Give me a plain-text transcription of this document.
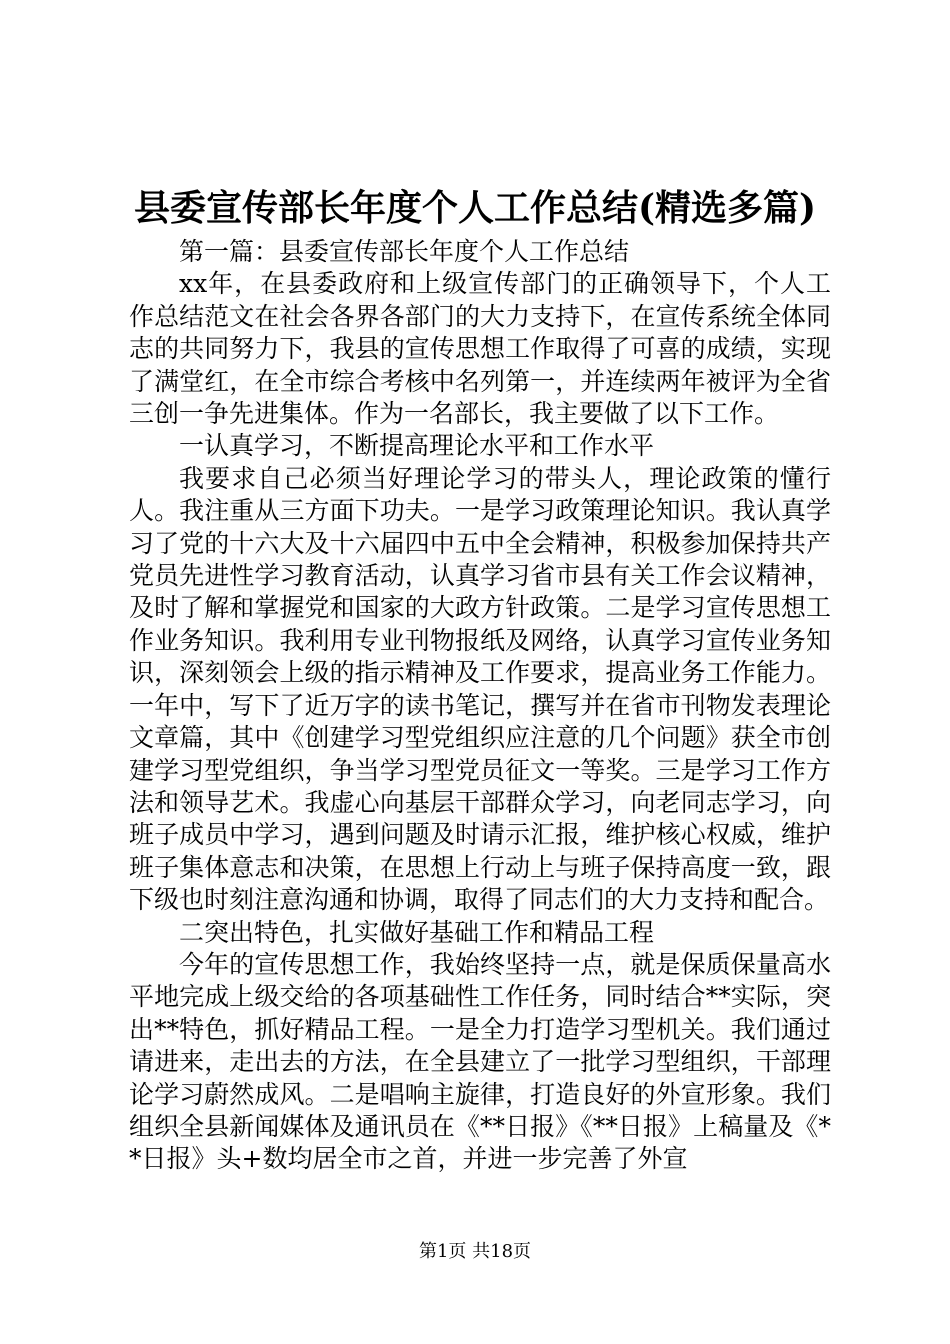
县委宣传部长年度个人工作总结(精选多篇)

第一篇：县委宣传部长年度个人工作总结

xx年，在县委政府和上级宣传部门的正确领导下，个人工作总结范文在社会各界各部门的大力支持下，在宣传系统全体同志的共同努力下，我县的宣传思想工作取得了可喜的成绩，实现了满堂红，在全市综合考核中名列第一，并连续两年被评为全省三创一争先进集体。作为一名部长，我主要做了以下工作。

一认真学习，不断提高理论水平和工作水平

我要求自己必须当好理论学习的带头人，理论政策的懂行人。我注重从三方面下功夫。一是学习政策理论知识。我认真学习了党的十六大及十六届四中五中全会精神，积极参加保持共产党员先进性学习教育活动，认真学习省市县有关工作会议精神，及时了解和掌握党和国家的大政方针政策。二是学习宣传思想工作业务知识。我利用专业刊物报纸及网络，认真学习宣传业务知识，深刻领会上级的指示精神及工作要求，提高业务工作能力。一年中，写下了近万字的读书笔记，撰写并在省市刊物发表理论文章篇，其中《创建学习型党组织应注意的几个问题》获全市创建学习型党组织，争当学习型党员征文一等奖。三是学习工作方法和领导艺术。我虚心向基层干部群众学习，向老同志学习，向班子成员中学习，遇到问题及时请示汇报，维护核心权威，维护班子集体意志和决策，在思想上行动上与班子保持高度一致，跟下级也时刻注意沟通和协调，取得了同志们的大力支持和配合。

二突出特色，扎实做好基础工作和精品工程

今年的宣传思想工作，我始终坚持一点，就是保质保量高水平地完成上级交给的各项基础性工作任务，同时结合**实际，突出**特色，抓好精品工程。一是全力打造学习型机关。我们通过请进来，走出去的方法，在全县建立了一批学习型组织，干部理论学习蔚然成风。二是唱响主旋律，打造良好的外宣形象。我们组织全县新闻媒体及通讯员在《**日报》《**日报》上稿量及《**日报》头+数均居全市之首，并进一步完善了外宣

第1页 共18页
